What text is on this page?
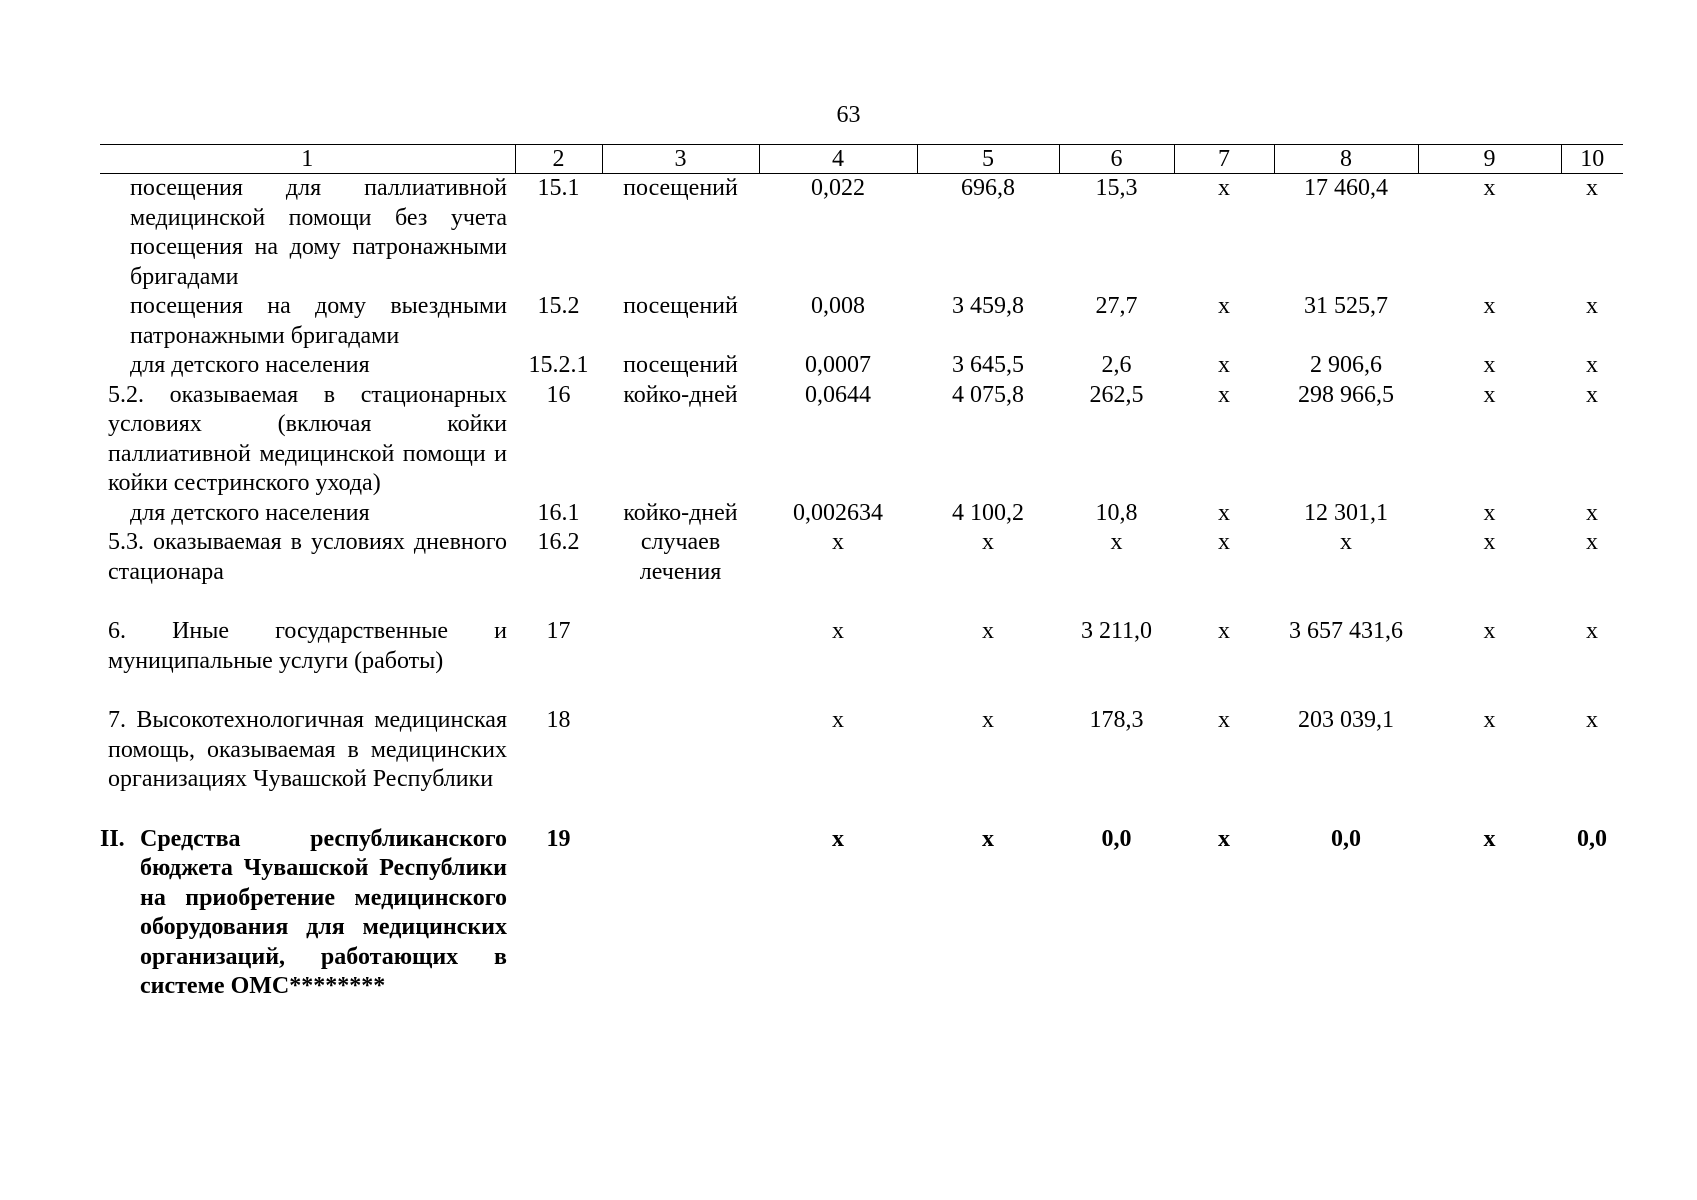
63
1	2	3	4	5	6	7	8	9	10

посещения для паллиативной медицинской помощи без учета посещения на дому патронажными бригадами	15.1	посещений	0,022	696,8	15,3	х	17 460,4	х	х

посещения на дому выездными патронажными бригадами	15.2	посещений	0,008	3 459,8	27,7	х	31 525,7	х	х

для детского населения	15.2.1	посещений	0,0007	3 645,5	2,6	х	2 906,6	х	х

5.2. оказываемая в стационарных условиях (включая койки паллиативной медицинской помощи и койки сестринского ухода)	16	койко-дней	0,0644	4 075,8	262,5	х	298 966,5	х	х

для детского населения	16.1	койко-дней	0,002634	4 100,2	10,8	х	12 301,1	х	х

5.3. оказываемая в условиях дневного стационара	16.2	случаев лечения	х	х	х	х	х	х	х

6. Иные государственные и муниципальные услуги (работы)	17		х	х	3 211,0	х	3 657 431,6	х	х

7. Высокотехнологичная медицинская помощь, оказываемая в медицинских организациях Чувашской Республики	18		х	х	178,3	х	203 039,1	х	х

II. Средства республиканского бюджета Чувашской Республики на приобретение медицинского оборудования для медицинских организаций, работающих в системе ОМС********	19		х	х	0,0	х	0,0	х	0,0
